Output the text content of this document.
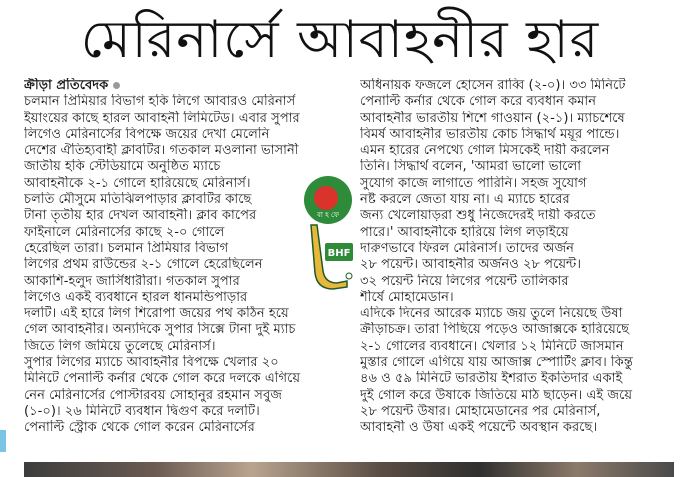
মেরিনার্সে আবাহনীর হার
ক্রীড়া প্রতিবেদক
চলমান প্রিমিয়ার বিভাগ হকি লিগে আবারও মেরিনার্স
ইয়াংয়ের কাছে হারল আবাহনী লিমিটেড। এবার সুপার
লিগেও মেরিনার্সের বিপক্ষে জয়ের দেখা মেলেনি
দেশের ঐতিহ্যবাহী ক্লাবটির। গতকাল মওলানা ভাসানী
জাতীয় হকি স্টেডিয়ামে অনুষ্ঠিত ম্যাচে
আবাহনীকে ২-১ গোলে হারিয়েছে মেরিনার্স।
চলতি মৌসুমে মতিঝিলপাড়ার ক্লাবটির কাছে
টানা তৃতীয় হার দেখল আবাহনী। ক্লাব কাপের
ফাইনালে মেরিনার্সের কাছে ২-০ গোলে
হেরেছিল তারা। চলমান প্রিমিয়ার বিভাগ
লিগের প্রথম রাউন্ডের ২-১ গোলে হেরেছিলেন
আকাশি-হলুদ জার্সিধারীরা। গতকাল সুপার
লিগেও একই ব্যবধানে হারল ধানমন্ডিপাড়ার
দলটি। এই হারে লিগ শিরোপা জয়ের পথ কঠিন হয়ে
গেল আবাহনীর। অন্যদিকে সুপার সিক্সে টানা দুই ম্যাচ
জিতে লিগ জমিয়ে তুলেছে মেরিনার্স।
সুপার লিগের ম্যাচে আবাহনীর বিপক্ষে খেলার ২০
মিনিটে পেনাল্টি কর্নার থেকে গোল করে দলকে এগিয়ে
নেন মেরিনার্সের পোস্টারবয় সোহানুর রহমান সবুজ
(১-০)। ২৬ মিনিটে ব্যবধান দ্বিগুণ করে দলটি।
পেনাল্টি স্ট্রোক থেকে গোল করেন মেরিনার্সের
অধিনায়ক ফজলে হোসেন রাব্বি (২-০)। ৩৩ মিনিটে
পেনাল্টি কর্নার থেকে গোল করে ব্যবধান কমান
আবাহনীর ভারতীয় শিশে গাওয়ান (২-১)। ম্যাচশেষে
বিমর্ষ আবাহনীর ভারতীয় কোচ সিদ্ধার্থ ময়ূর পান্ডে।
এমন হারের নেপথ্যে গোল মিসকেই দায়ী করলেন
তিনি। সিদ্ধার্থ বলেন, 'আমরা ভালো ভালো
সুযোগ কাজে লাগাতে পারিনি। সহজ সুযোগ
নষ্ট করলে জেতা যায় না। এ ম্যাচে হারের
জন্য খেলোয়াড়রা শুধু নিজেদেরই দায়ী করতে
পারে।' আবাহনীকে হারিয়ে লিগ লড়াইয়ে
দারুণভাবে ফিরল মেরিনার্স। তাদের অর্জন
২৮ পয়েন্ট। আবাহনীর অর্জনও ২৮ পয়েন্ট।
৩২ পয়েন্ট নিয়ে লিগের পয়েন্ট তালিকার
শীর্ষে মোহামেডান।
এদিকে দিনের আরেক ম্যাচে জয় তুলে নিয়েছে উষা
ক্রীড়াচক্র। তারা পিছিয়ে পড়েও আজাক্সকে হারিয়েছে
২-১ গোলের ব্যবধানে। খেলার ১২ মিনিটে জাসমান
মুস্তার গোলে এগিয়ে যায় আজাক্স স্পোর্টিং ক্লাব। কিন্তু
৪৬ ও ৫৯ মিনিটে ভারতীয় ইশরাত ইকতিদার একাই
দুই গোল করে উষাকে জিতিয়ে মাঠ ছাড়েন। এই জয়ে
২৮ পয়েন্ট উষার। মোহামেডানের পর মেরিনার্স,
আবাহনী ও উষা একই পয়েন্টে অবস্থান করছে।
বা হ ফে
BHF
